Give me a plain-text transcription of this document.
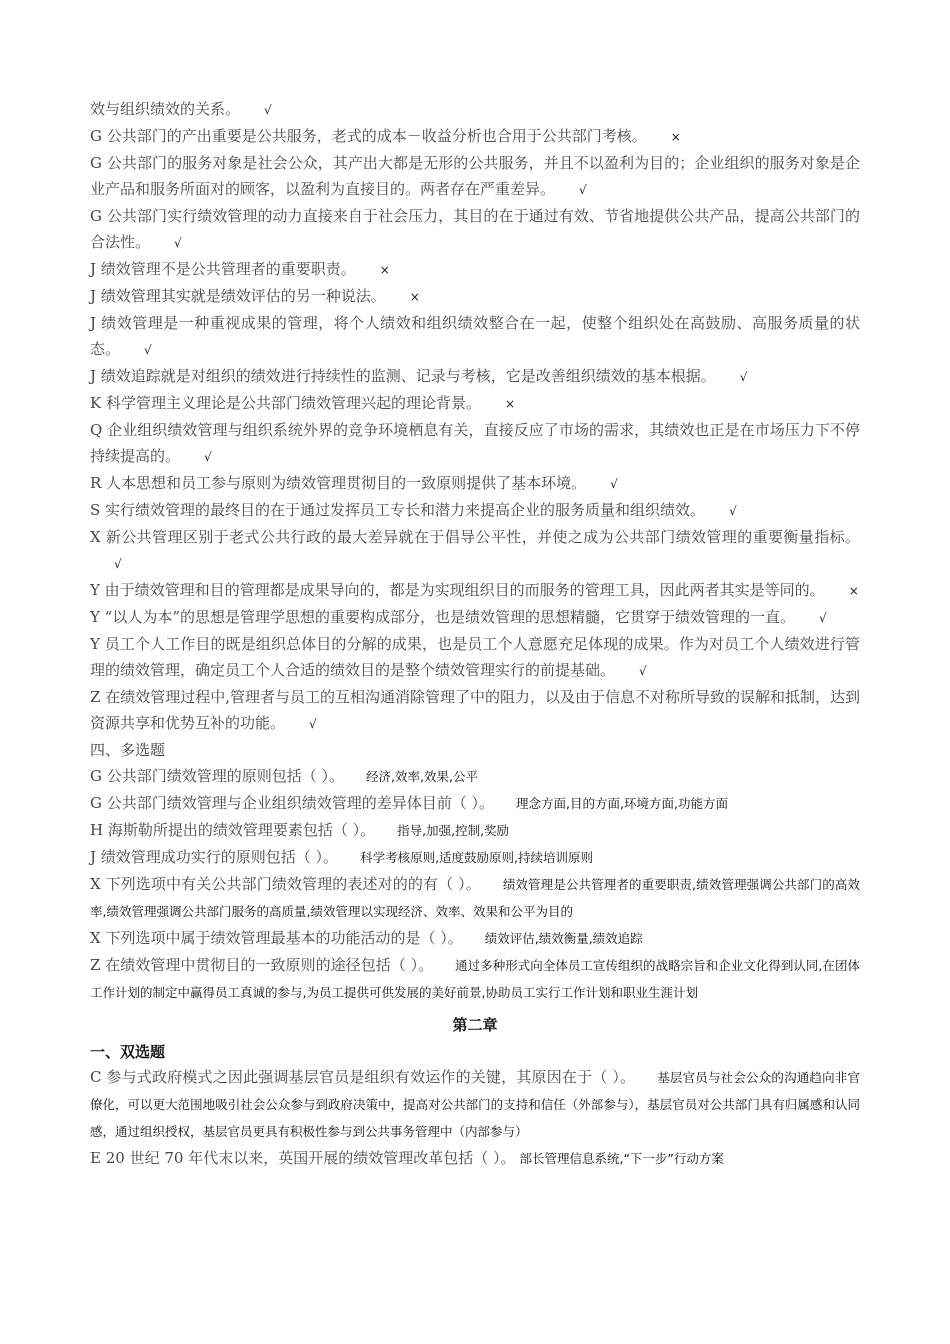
效与组织绩效的关系。 √
G 公共部门的产出重要是公共服务，老式的成本－收益分析也合用于公共部门考核。 ×
G 公共部门的服务对象是社会公众，其产出大都是无形的公共服务，并且不以盈利为目的；企业组织的服务对象是企业产品和服务所面对的顾客，以盈利为直接目的。两者存在严重差异。 √
G 公共部门实行绩效管理的动力直接来自于社会压力，其目的在于通过有效、节省地提供公共产品，提高公共部门的合法性。 √
J 绩效管理不是公共管理者的重要职责。 ×
J 绩效管理其实就是绩效评估的另一种说法。 ×
J 绩效管理是一种重视成果的管理，将个人绩效和组织绩效整合在一起，使整个组织处在高鼓励、高服务质量的状态。 √
J 绩效追踪就是对组织的绩效进行持续性的监测、记录与考核，它是改善组织绩效的基本根据。 √
K 科学管理主义理论是公共部门绩效管理兴起的理论背景。 ×
Q 企业组织绩效管理与组织系统外界的竞争环境栖息有关，直接反应了市场的需求，其绩效也正是在市场压力下不停持续提高的。 √
R 人本思想和员工参与原则为绩效管理贯彻目的一致原则提供了基本环境。 √
S 实行绩效管理的最终目的在于通过发挥员工专长和潜力来提高企业的服务质量和组织绩效。 √
X 新公共管理区别于老式公共行政的最大差异就在于倡导公平性，并使之成为公共部门绩效管理的重要衡量指标。√
Y 由于绩效管理和目的管理都是成果导向的，都是为实现组织目的而服务的管理工具，因此两者其实是等同的。 ×
Y “以人为本”的思想是管理学思想的重要构成部分，也是绩效管理的思想精髓，它贯穿于绩效管理的一直。 √
Y 员工个人工作目的既是组织总体目的分解的成果，也是员工个人意愿充足体现的成果。作为对员工个人绩效进行管理的绩效管理，确定员工个人合适的绩效目的是整个绩效管理实行的前提基础。 √
Z 在绩效管理过程中,管理者与员工的互相沟通消除管理了中的阻力，以及由于信息不对称所导致的误解和抵制，达到资源共享和优势互补的功能。 √
四、多选题
G 公共部门绩效管理的原则包括（ ）。 经济,效率,效果,公平
G 公共部门绩效管理与企业组织绩效管理的差异体目前（ ）。 理念方面,目的方面,环境方面,功能方面
H 海斯勒所提出的绩效管理要素包括（ ）。 指导,加强,控制,奖励
J 绩效管理成功实行的原则包括（ ）。 科学考核原则,适度鼓励原则,持续培训原则
X 下列选项中有关公共部门绩效管理的表述对的的有（ ）。 绩效管理是公共管理者的重要职责,绩效管理强调公共部门的高效率,绩效管理强调公共部门服务的高质量,绩效管理以实现经济、效率、效果和公平为目的
X 下列选项中属于绩效管理最基本的功能活动的是（ ）。 绩效评估,绩效衡量,绩效追踪
Z 在绩效管理中贯彻目的一致原则的途径包括（ ）。 通过多种形式向全体员工宣传组织的战略宗旨和企业文化得到认同,在团体工作计划的制定中赢得员工真诚的参与,为员工提供可供发展的美好前景,协助员工实行工作计划和职业生涯计划
第二章
一、双选题
C 参与式政府模式之因此强调基层官员是组织有效运作的关键，其原因在于（ ）。 基层官员与社会公众的沟通趋向非官僚化，可以更大范围地吸引社会公众参与到政府决策中，提高对公共部门的支持和信任（外部参与），基层官员对公共部门具有归属感和认同感，通过组织授权，基层官员更具有积极性参与到公共事务管理中（内部参与）
E 20 世纪 70 年代末以来，英国开展的绩效管理改革包括（ ）。 部长管理信息系统,“下一步”行动方案
